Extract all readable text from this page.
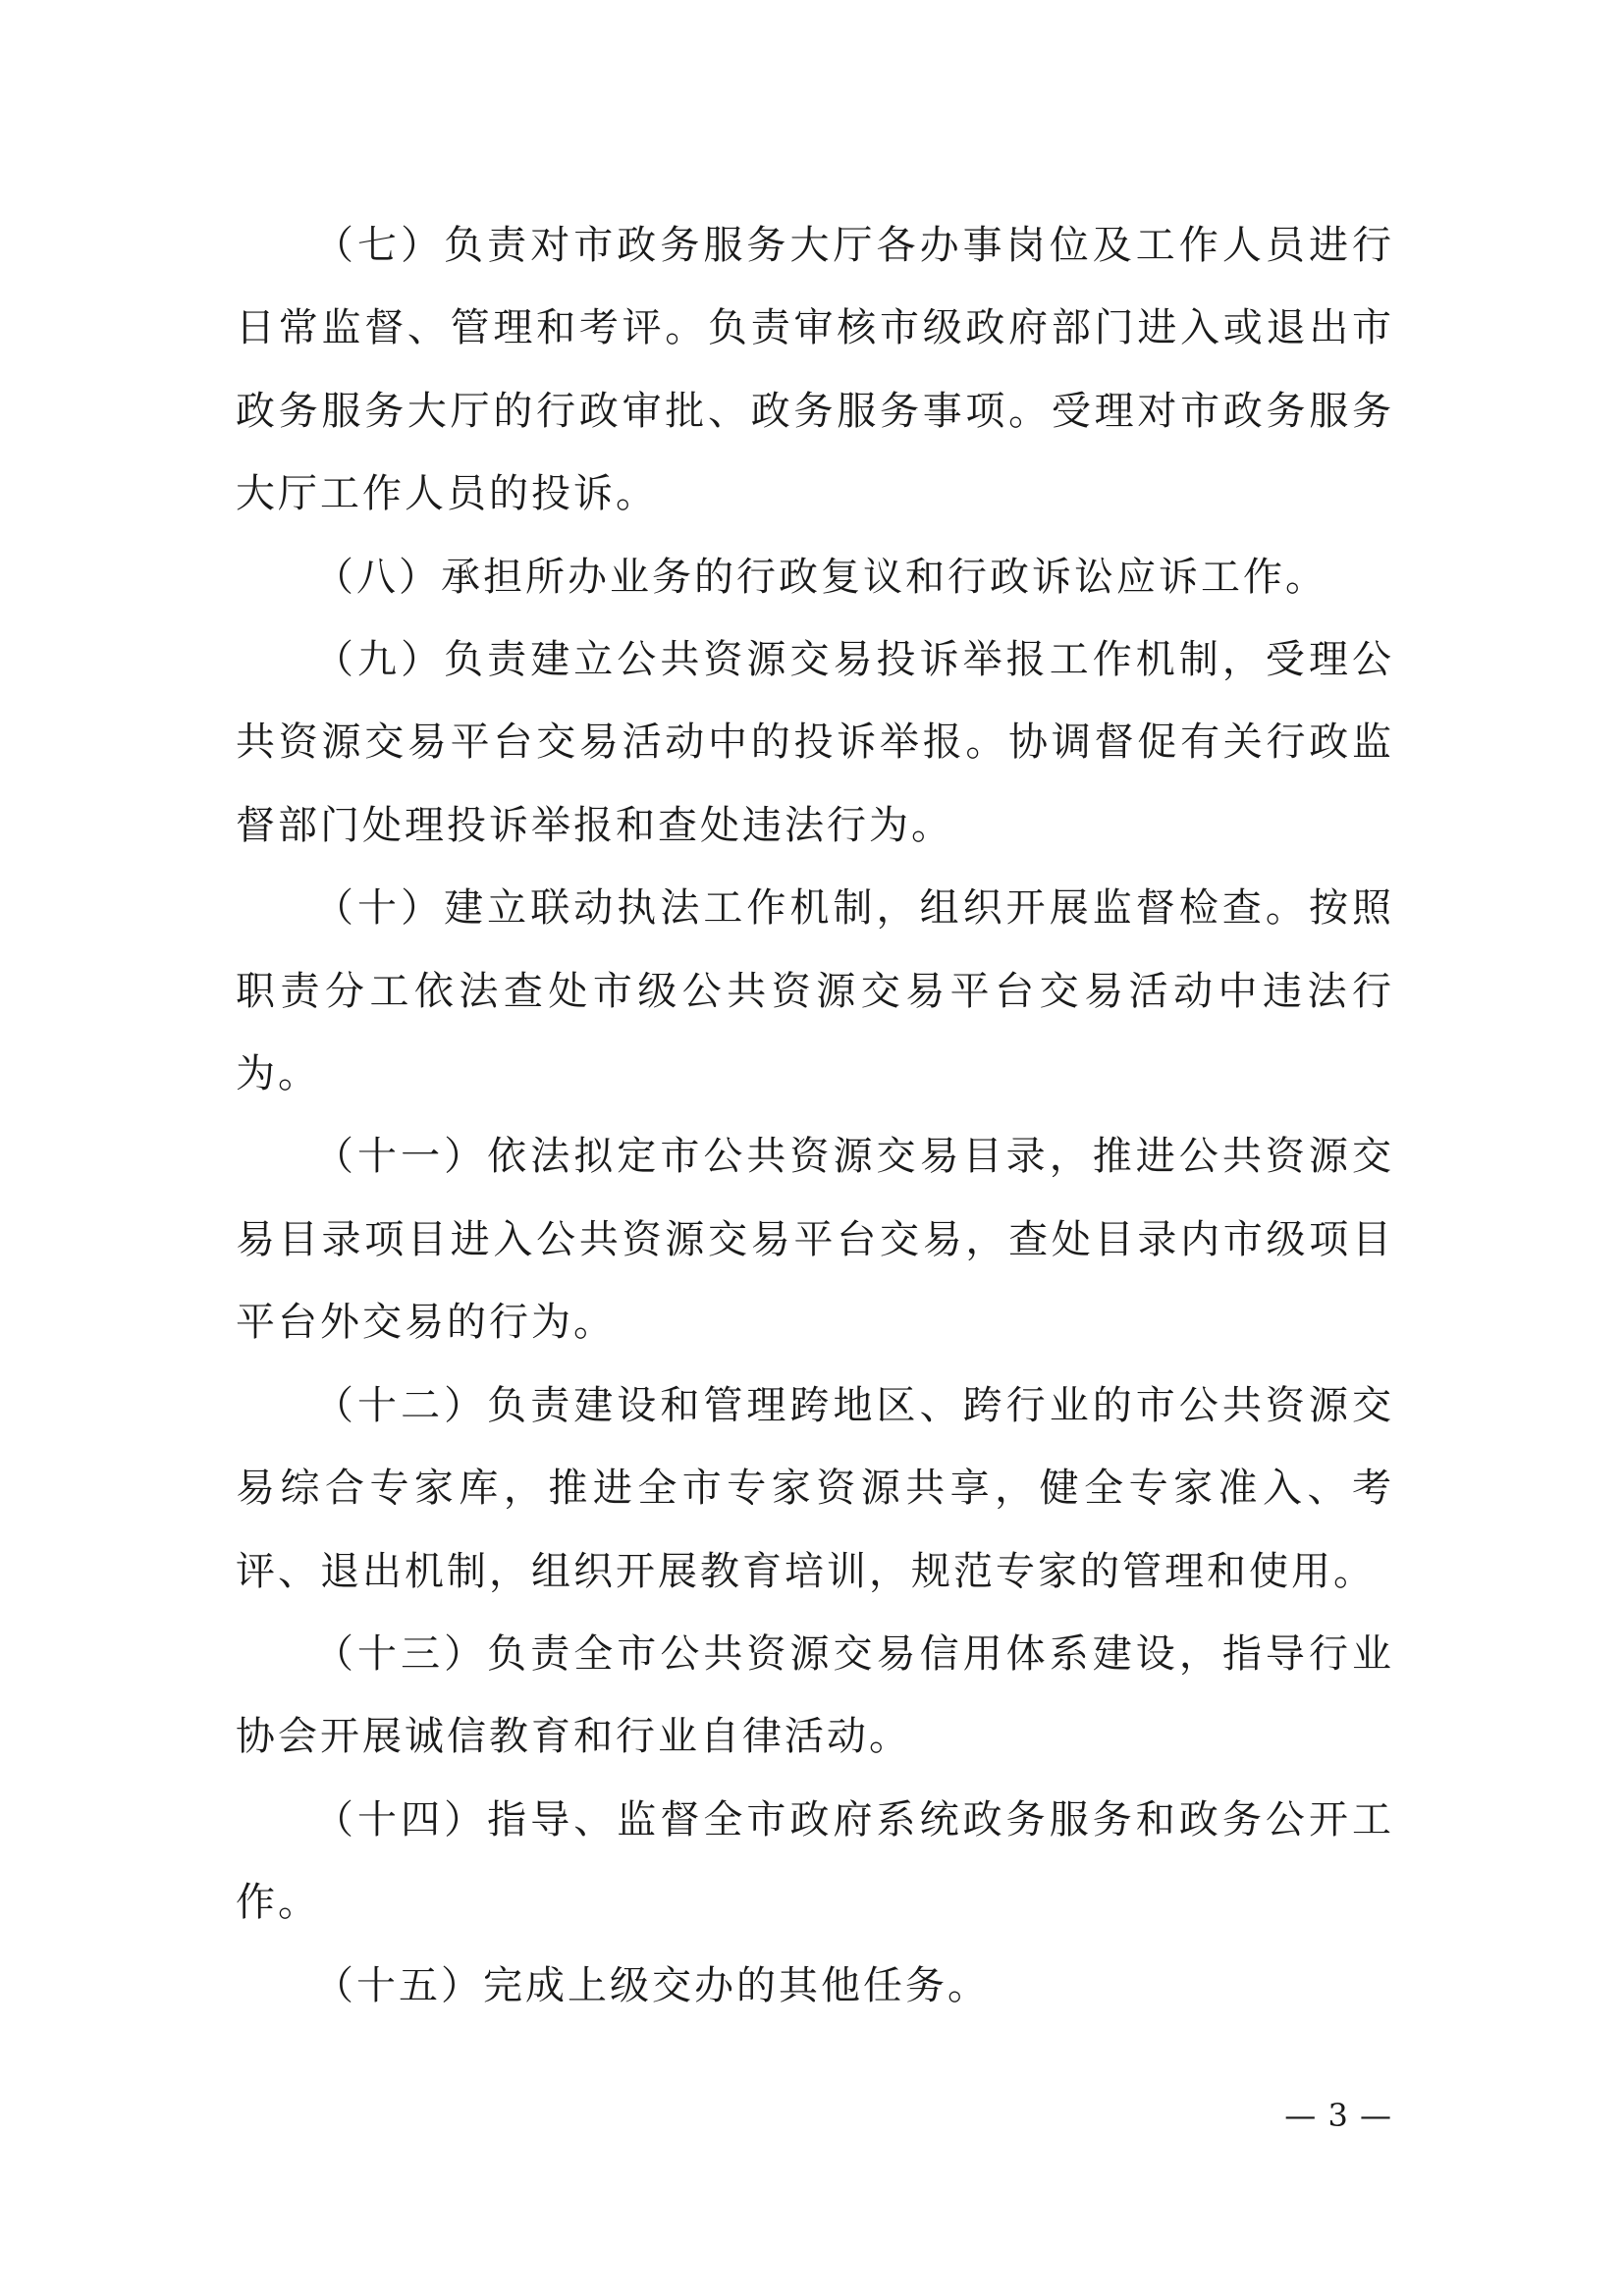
（七）负责对市政务服务大厅各办事岗位及工作人员进行日常监督、管理和考评。负责审核市级政府部门进入或退出市政务服务大厅的行政审批、政务服务事项。受理对市政务服务大厅工作人员的投诉。

（八）承担所办业务的行政复议和行政诉讼应诉工作。

（九）负责建立公共资源交易投诉举报工作机制，受理公共资源交易平台交易活动中的投诉举报。协调督促有关行政监督部门处理投诉举报和查处违法行为。

（十）建立联动执法工作机制，组织开展监督检查。按照职责分工依法查处市级公共资源交易平台交易活动中违法行为。

（十一）依法拟定市公共资源交易目录，推进公共资源交易目录项目进入公共资源交易平台交易，查处目录内市级项目平台外交易的行为。

（十二）负责建设和管理跨地区、跨行业的市公共资源交易综合专家库，推进全市专家资源共享，健全专家准入、考评、退出机制，组织开展教育培训，规范专家的管理和使用。

（十三）负责全市公共资源交易信用体系建设，指导行业协会开展诚信教育和行业自律活动。

（十四）指导、监督全市政府系统政务服务和政务公开工作。

（十五）完成上级交办的其他任务。

— 3 —
